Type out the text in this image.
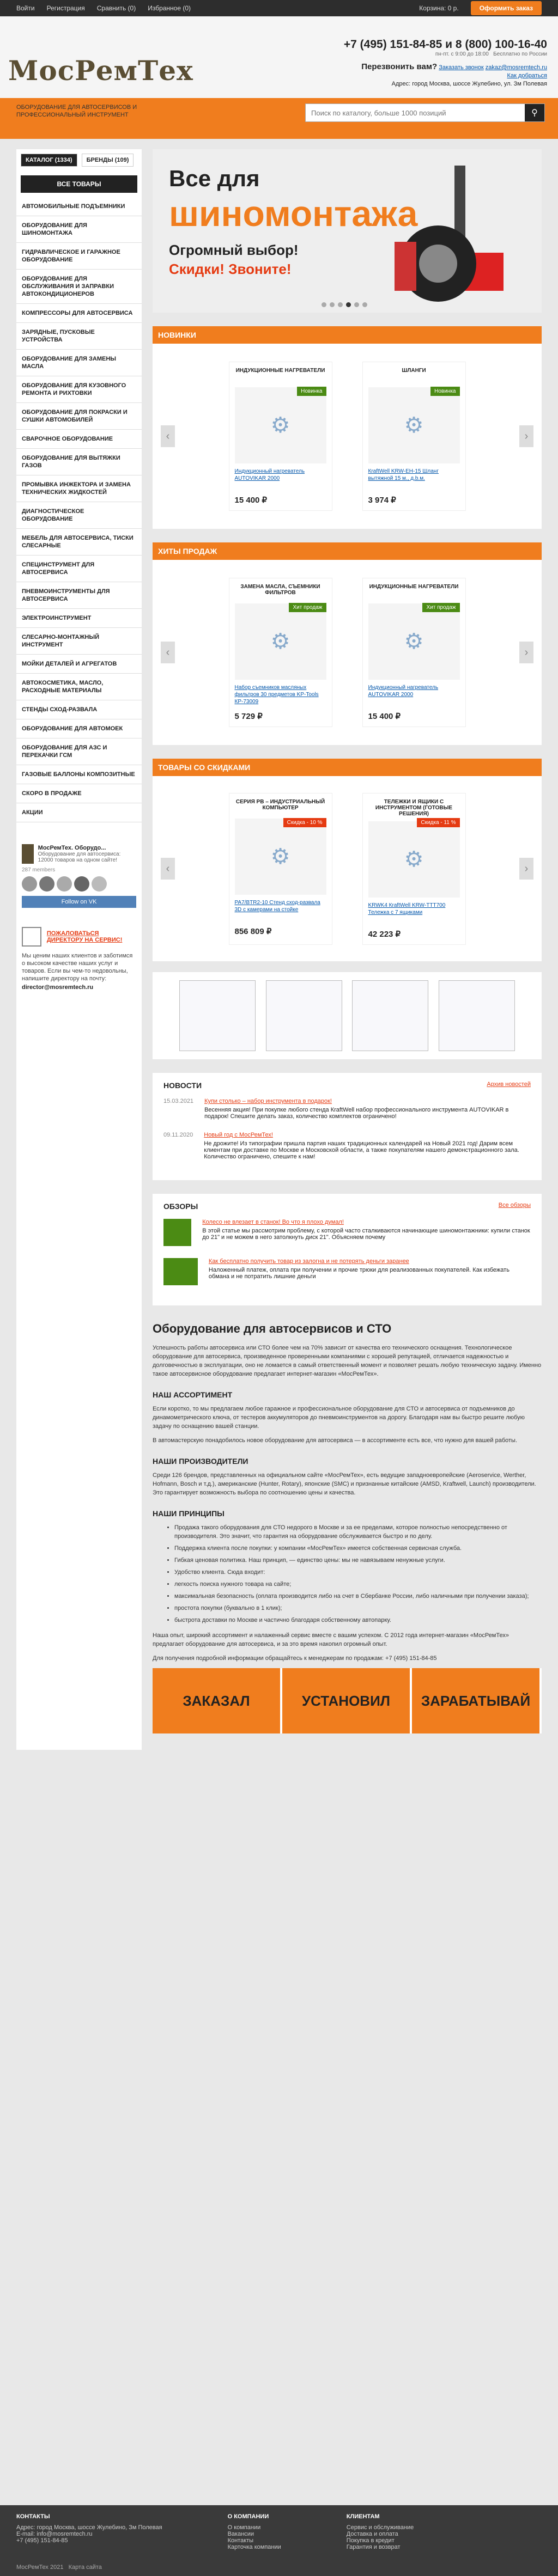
Войти Регистрация Сравнить (0) Избранное (0)	Корзина: 0 р.	Оформить заказ
МосРемТех
ОБОРУДОВАНИЕ ДЛЯ АВТОСЕРВИСОВ И ПРОФЕССИОНАЛЬНЫЙ ИНСТРУМЕНТ
+7 (495) 151-84-85 и 8 (800) 100-16-40
пн-пт. с 9:00 до 18:00 Бесплатно по России
Перезвонить вам? Заказать звонок zakaz@mosremtech.ru
Как добраться
Адрес: город Москва, шоссе Жулебино, ул. Зм Полевая
Поиск по каталогу, больше 1000 позиций
⚲
КАТАЛОГ (1334)	БРЕНДЫ (109)
ВСЕ ТОВАРЫ
АВТОМОБИЛЬНЫЕ ПОДЪЕМНИКИ
ОБОРУДОВАНИЕ ДЛЯ ШИНОМОНТАЖА
ГИДРАВЛИЧЕСКОЕ И ГАРАЖНОЕ ОБОРУДОВАНИЕ
ОБОРУДОВАНИЕ ДЛЯ ОБСЛУЖИВАНИЯ И ЗАПРАВКИ АВТОКОНДИЦИОНЕРОВ
КОМПРЕССОРЫ ДЛЯ АВТОСЕРВИСА
ЗАРЯДНЫЕ, ПУСКОВЫЕ УСТРОЙСТВА
ОБОРУДОВАНИЕ ДЛЯ ЗАМЕНЫ МАСЛА
ОБОРУДОВАНИЕ ДЛЯ КУЗОВНОГО РЕМОНТА И РИХТОВКИ
ОБОРУДОВАНИЕ ДЛЯ ПОКРАСКИ И СУШКИ АВТОМОБИЛЕЙ
СВАРОЧНОЕ ОБОРУДОВАНИЕ
ОБОРУДОВАНИЕ ДЛЯ ВЫТЯЖКИ ГАЗОВ
ПРОМЫВКА ИНЖЕКТОРА И ЗАМЕНА ТЕХНИЧЕСКИХ ЖИДКОСТЕЙ
ДИАГНОСТИЧЕСКОЕ ОБОРУДОВАНИЕ
МЕБЕЛЬ ДЛЯ АВТОСЕРВИСА, ТИСКИ СЛЕСАРНЫЕ
СПЕЦИНСТРУМЕНТ ДЛЯ АВТОСЕРВИСА
ПНЕВМОИНСТРУМЕНТЫ ДЛЯ АВТОСЕРВИСА
ЭЛЕКТРОИНСТРУМЕНТ
СЛЕСАРНО-МОНТАЖНЫЙ ИНСТРУМЕНТ
МОЙКИ ДЕТАЛЕЙ И АГРЕГАТОВ
АВТОКОСМЕТИКА, МАСЛО, РАСХОДНЫЕ МАТЕРИАЛЫ
СТЕНДЫ СХОД-РАЗВАЛА
ОБОРУДОВАНИЕ ДЛЯ АВТОМОЕК
ОБОРУДОВАНИЕ ДЛЯ АЗС И ПЕРЕКАЧКИ ГСМ
ГАЗОВЫЕ БАЛЛОНЫ КОМПОЗИТНЫЕ
СКОРО В ПРОДАЖЕ
АКЦИИ
МосРемТех. Оборудо...
Оборудование для автосервиса: 12000 товаров на одном сайте!
287 members
Follow on VK
ПОЖАЛОВАТЬСЯ ДИРЕКТОРУ НА СЕРВИС!

Мы ценим наших клиентов и заботимся о высоком качестве наших услуг и товаров. Если вы чем-то недовольны, напишите директору на почту:

director@mosremtech.ru
Все для
шиномонтажа
Огромный выбор!
Скидки! Звоните!
НОВИНКИ
‹
ИНДУКЦИОННЫЕ НАГРЕВАТЕЛИ
Новинка
⚙
Индукционный нагреватель AUTOVIKAR 2000
15 400 ₽
ШЛАНГИ
Новинка
⚙
КraftWell KRW-EH-15 Шланг вытяжной 15 м., д.b.м.
3 974 ₽
›
ХИТЫ ПРОДАЖ
‹
ЗАМЕНА МАСЛА, СЪЕМНИКИ ФИЛЬТРОВ
Хит продаж
⚙
Набор съемников масляных фильтров 30 предметов KP-Tools КР-73009
5 729 ₽
ИНДУКЦИОННЫЕ НАГРЕВАТЕЛИ
Хит продаж
⚙
Индукционный нагреватель AUTOVIKAR 2000
15 400 ₽
›
ТОВАРЫ СО СКИДКАМИ
‹
СЕРИЯ PB – ИНДУСТРИАЛЬНЫЙ КОМПЬЮТЕР
Скидка - 10 %
⚙
PA7/BTR2-10 Стенд сход-развала 3D с камерами на стойке
856 809 ₽
ТЕЛЕЖКИ И ЯЩИКИ С ИНСТРУМЕНТОМ (ГОТОВЫЕ РЕШЕНИЯ)
Скидка - 11 %
⚙
KRWK4 КraftWell KRW-TTT700 Тележка с 7 ящиками
42 223 ₽
›
НОВОСТИ	Архив новостей
15.03.2021 Купи столько – набор инструмента в подарок!
Весенняя акция! При покупке любого стенда КraftWell набор профессионального инструмента AUTOVIKAR в подарок! Спешите делать заказ, количество комплектов ограничено!
09.11.2020 Новый год с МосРемТех!
Не дрожите! Из типографии пришла партия наших традиционных календарей на Новый 2021 год! Дарим всем клиентам при доставке по Москве и Московской области, а также покупателям нашего демонстрационного зала. Количество ограничено, спешите к нам!
ОБЗОРЫ	Все обзоры
Колесо не влезает в станок! Во что я плохо думал!
В этой статье мы рассмотрим проблему, с которой часто сталкиваются начинающие шиномонтажники: купили станок до 21" и не можем в него затолкнуть диск 21". Объясняем почему
Как бесплатно получить товар из залогна и не потерять деньги заранее
Наложенный платеж, оплата при получении и прочие трюки для реализованных покупателей. Как избежать обмана и не потратить лишние деньги
Оборудование для автосервисов и СТО

Успешность работы автосервиса или СТО более чем на 70% зависит от качества его технического оснащения. Технологическое оборудование для автосервиса, произведенное проверенными компаниями с хорошей репутацией, отличается надежностью и долговечностью в эксплуатации, оно не ломается в самый ответственный момент и позволяет решать любую техническую задачу. Именно такое автосервисное оборудование предлагает интернет-магазин «МосРемТех».

НАШ АССОРТИМЕНТ

Если коротко, то мы предлагаем любое гаражное и профессиональное оборудование для СТО и автосервиса от подъемников до динамометрического ключа, от тестеров аккумуляторов до пневмоинструментов на дорогу. Благодаря нам вы быстро решите любую задачу по оснащению вашей станции.

В автомастерскую понадобилось новое оборудование для автосервиса — в ассортименте есть все, что нужно для вашей работы.

НАШИ ПРОИЗВОДИТЕЛИ

Среди 126 брендов, представленных на официальном сайте «МосРемТех», есть ведущие западноевропейские (Aeroservice, Werther, Hofmann, Bosch и т.д.), американские (Hunter, Rotary), японские (SMC) и признанные китайские (AMSD, Kraftwell, Launch) производители. Это гарантирует возможность выбора по соотношению цены и качества.

НАШИ ПРИНЦИПЫ
• Продажа такого оборудования для СТО недорого в Москве и за ее пределами, которое полностью непосредственно от производителя. Это значит, что гарантия на оборудование обслуживается быстро и по делу.
• Поддержка клиента после покупки: у компании «МосРемТех» имеется собственная сервисная служба.
• Гибкая ценовая политика. Наш принцип, — единство цены: мы не навязываем ненужные услуги.
• Удобство клиента. Сюда входит:
• легкость поиска нужного товара на сайте;
• максимальная безопасность (оплата производится либо на счет в Сбербанке России, либо наличными при получении заказа);
• простота покупки (буквально в 1 клик);
• быстрота доставки по Москве и частично благодаря собственному автопарку.

Наша опыт, широкий ассортимент и налаженный сервис вместе с вашим успехом. С 2012 года интернет-магазин «МосРемТех» предлагает оборудование для автосервиса, и за это время накопил огромный опыт.

Для получения подробной информации обращайтесь к менеджерам по продажам: +7 (495) 151-84-85

ЗАКАЗАЛ	УСТАНОВИЛ	ЗАРАБАТЫВАЙ
КОНТАКТЫ
Адрес: город Москва, шоссе Жулебино, Зм Полевая
E-mail: info@mosremtech.ru
+7 (495) 151-84-85
О КОМПАНИИ
О компании
Вакансии
Контакты
Карточка компании
КЛИЕНТАМ
Сервис и обслуживание
Доставка и оплата
Покупка в кредит
Гарантия и возврат
МосРемТех 2021 Карта сайта
